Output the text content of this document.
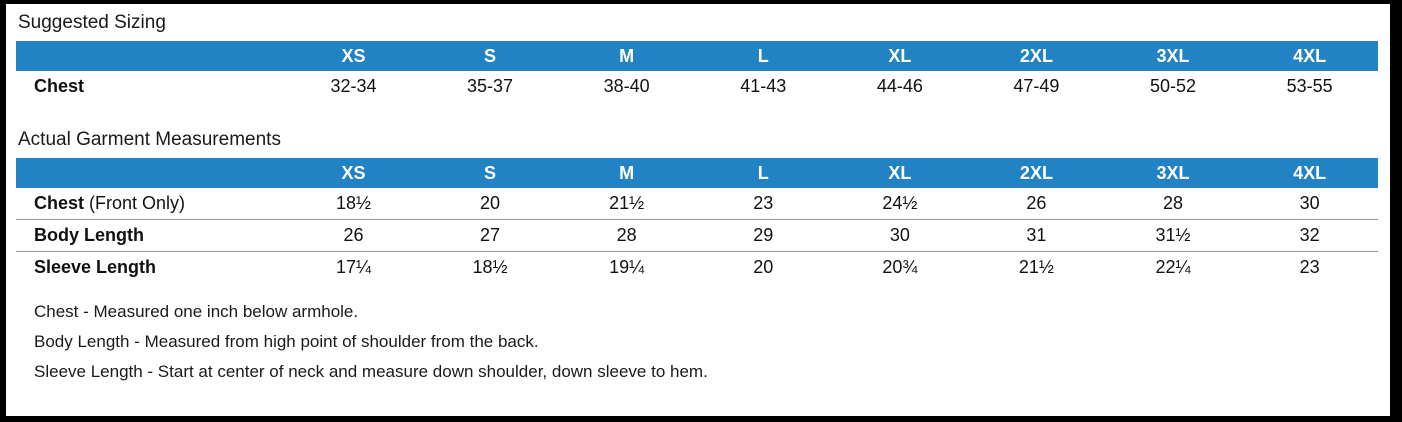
Suggested Sizing
	XS	S	M	L	XL	2XL	3XL	4XL
Chest	32-34	35-37	38-40	41-43	44-46	47-49	50-52	53-55
Actual Garment Measurements
	XS	S	M	L	XL	2XL	3XL	4XL
Chest (Front Only)	18½	20	21½	23	24½	26	28	30
Body Length	26	27	28	29	30	31	31½	32
Sleeve Length	17¼	18½	19¼	20	20¾	21½	22¼	23
Chest - Measured one inch below armhole.
Body Length - Measured from high point of shoulder from the back.
Sleeve Length - Start at center of neck and measure down shoulder, down sleeve to hem.
